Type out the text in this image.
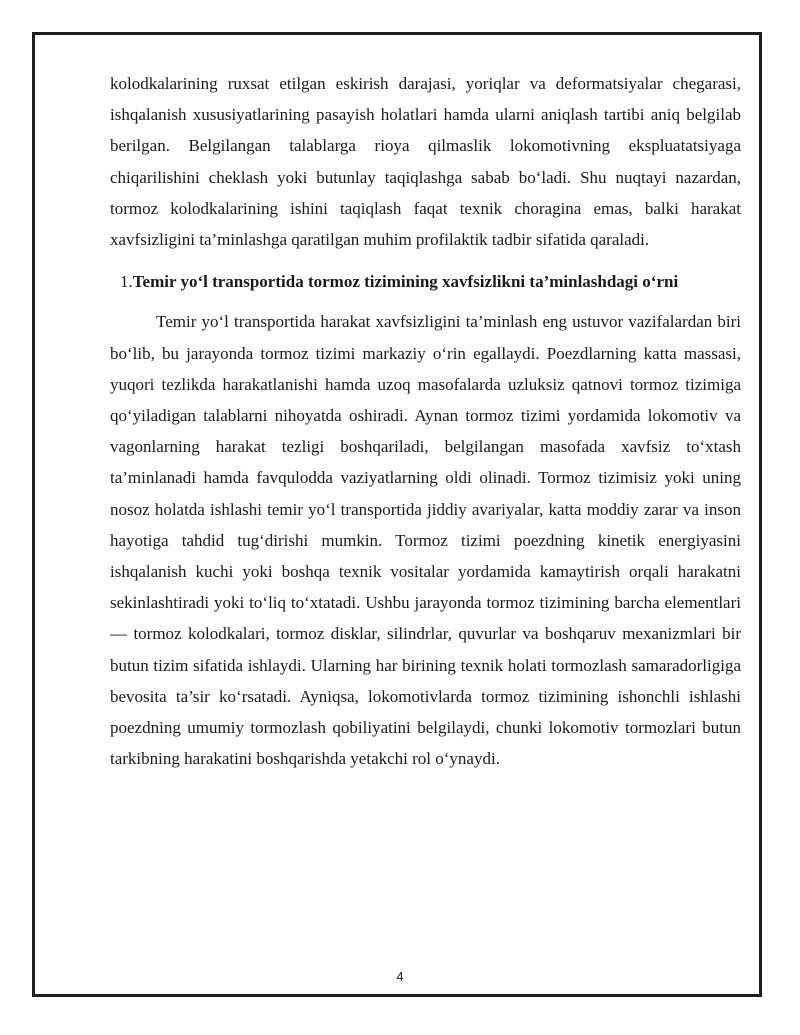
kolodkalarining ruxsat etilgan eskirish darajasi, yoriqlar va deformatsiyalar chegarasi, ishqalanish xususiyatlarining pasayish holatlari hamda ularni aniqlash tartibi aniq belgilab berilgan. Belgilangan talablarga rioya qilmaslik lokomotivning ekspluatatsiyaga chiqarilishini cheklash yoki butunlay taqiqlashga sabab bo‘ladi. Shu nuqtayi nazardan, tormoz kolodkalarining ishini taqiqlash faqat texnik choragina emas, balki harakat xavfsizligini ta’minlashga qaratilgan muhim profilaktik tadbir sifatida qaraladi.

1.Temir yo‘l transportida tormoz tizimining xavfsizlikni ta’minlashdagi o‘rni

Temir yo‘l transportida harakat xavfsizligini ta’minlash eng ustuvor vazifalardan biri bo‘lib, bu jarayonda tormoz tizimi markaziy o‘rin egallaydi. Poezdlarning katta massasi, yuqori tezlikda harakatlanishi hamda uzoq masofalarda uzluksiz qatnovi tormoz tizimiga qo‘yiladigan talablarni nihoyatda oshiradi. Aynan tormoz tizimi yordamida lokomotiv va vagonlarning harakat tezligi boshqariladi, belgilangan masofada xavfsiz to‘xtash ta’minlanadi hamda favqulodda vaziyatlarning oldi olinadi. Tormoz tizimisiz yoki uning nosoz holatda ishlashi temir yo‘l transportida jiddiy avariyalar, katta moddiy zarar va inson hayotiga tahdid tug‘dirishi mumkin. Tormoz tizimi poezdning kinetik energiyasini ishqalanish kuchi yoki boshqa texnik vositalar yordamida kamaytirish orqali harakatni sekinlashtiradi yoki to‘liq to‘xtatadi. Ushbu jarayonda tormoz tizimining barcha elementlari — tormoz kolodkalari, tormoz disklar, silindrlar, quvurlar va boshqaruv mexanizmlari bir butun tizim sifatida ishlaydi. Ularning har birining texnik holati tormozlash samaradorligiga bevosita ta’sir ko‘rsatadi. Ayniqsa, lokomotivlarda tormoz tizimining ishonchli ishlashi poezdning umumiy tormozlash qobiliyatini belgilaydi, chunki lokomotiv tormozlari butun tarkibning harakatini boshqarishda yetakchi rol o‘ynaydi.

4
